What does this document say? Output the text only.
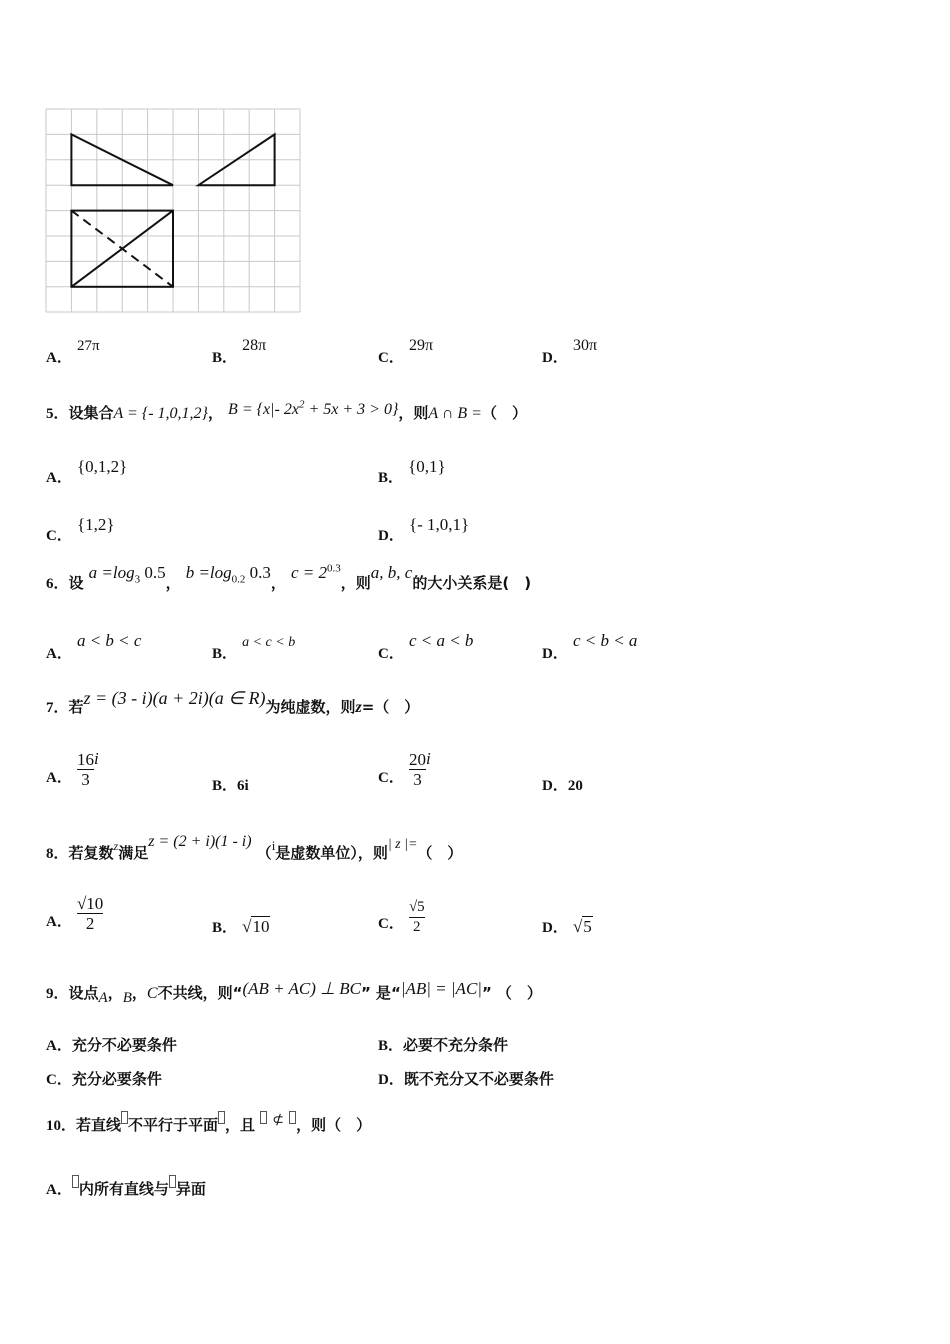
A． 27π
B． 28π
C． 29π
D． 30π
5．设集合A = {- 1,0,1,2}， B = {x|- $2x^2 + 5x + 3 > 0$}，则A ∩ B =（　）
A． {0,1,2}
B． {0,1}
C． {1,2}
D． {- 1,0,1}
6．设 $a =\log_3$ 0.5， $b =\log_{0.2}$ 0.3， $c = 2^{0.3}$，则a, b, c的大小关系是(　)
A． a < b < c
B． a < c < b
C． c < a < b
D． c < b < a
7．若z = (3 - i)(a + 2i)(a ∈ R)为纯虚数，则z=（　）
A． $\frac{16}{3}$ i
B．6i	C． $\frac{20}{3}$ i
D．20
8．若复数$^z$满足z = (2 + i)(1 - i) （$^i$是虚数单位），则| z |=（　）
A． $\frac{√10}{2}$	B． √10	C． $\frac{√5}{2}$	D． √5
9．设点A，B，C不共线，则“(AB + AC) ⊥ BC” 是“|AB| = |AC|” （　）
A．充分不必要条件	B．必要不充分条件
C．充分必要条件	D．既不充分又不必要条件
10．若直线 不平行于平面 ，且 ⊄ ，则（　）
A． 内所有直线与 异面
